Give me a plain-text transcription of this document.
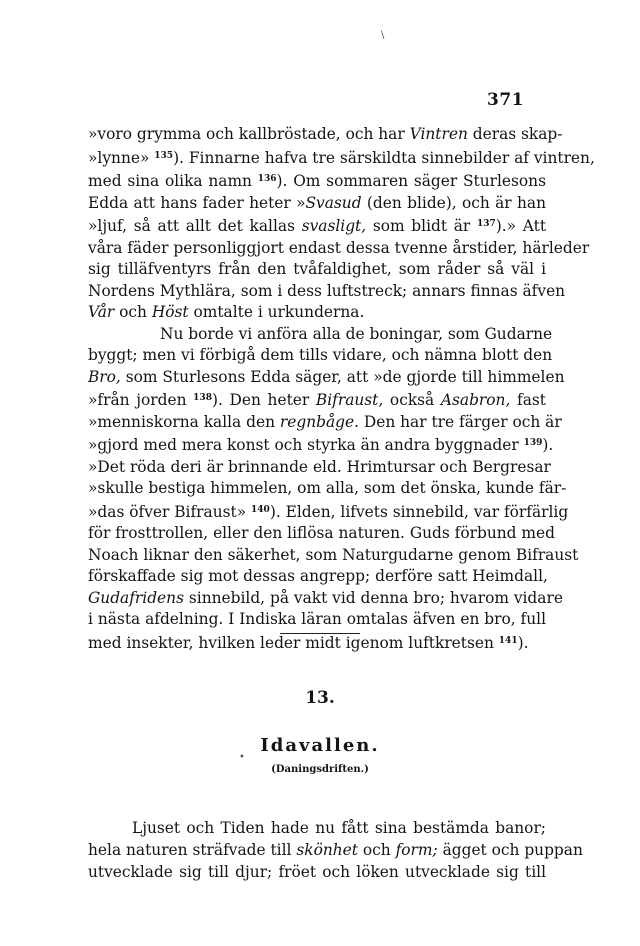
\
•
371
»voro grymma och kallbröstade, och har Vintren deras skap-
»lynne» $^{135}$). Finnarne hafva tre särskildta sinnebilder af vintren,
med sina olika namn $^{136}$). Om sommaren säger Sturlesons
Edda att hans fader heter »Svasud (den blide), och är han
»ljuf, så att allt det kallas svasligt, som blidt är $^{137}$).» Att
våra fäder personliggjort endast dessa tvenne årstider, härleder
sig tilläfventyrs från den tvåfaldighet, som råder så väl i
Nordens Mythlära, som i dess luftstreck; annars finnas äfven
Vår och Höst omtalte i urkunderna.
Nu borde vi anföra alla de boningar, som Gudarne
byggt; men vi förbigå dem tills vidare, och nämna blott den
Bro, som Sturlesons Edda säger, att »de gjorde till himmelen
»från jorden $^{138}$). Den heter Bifraust, också Asabron, fast
»menniskorna kalla den regnbåge. Den har tre färger och är
»gjord med mera konst och styrka än andra byggnader $^{139}$).
»Det röda deri är brinnande eld. Hrimtursar och Bergresar
»skulle bestiga himmelen, om alla, som det önska, kunde fär-
»das öfver Bifraust» $^{140}$). Elden, lifvets sinnebild, var förfärlig
för frosttrollen, eller den liflösa naturen. Guds förbund med
Noach liknar den säkerhet, som Naturgudarne genom Bifraust
förskaffade sig mot dessas angrepp; derföre satt Heimdall,
Gudafridens sinnebild, på vakt vid denna bro; hvarom vidare
i nästa afdelning. I Indiska läran omtalas äfven en bro, full
med insekter, hvilken leder midt igenom luftkretsen $^{141}$).
13.
Idavallen.
(Daningsdriften.)
Ljuset och Tiden hade nu fått sina bestämda banor;
hela naturen sträfvade till skönhet och form; ägget och puppan
utvecklade sig till djur; fröet och löken utvecklade sig till
